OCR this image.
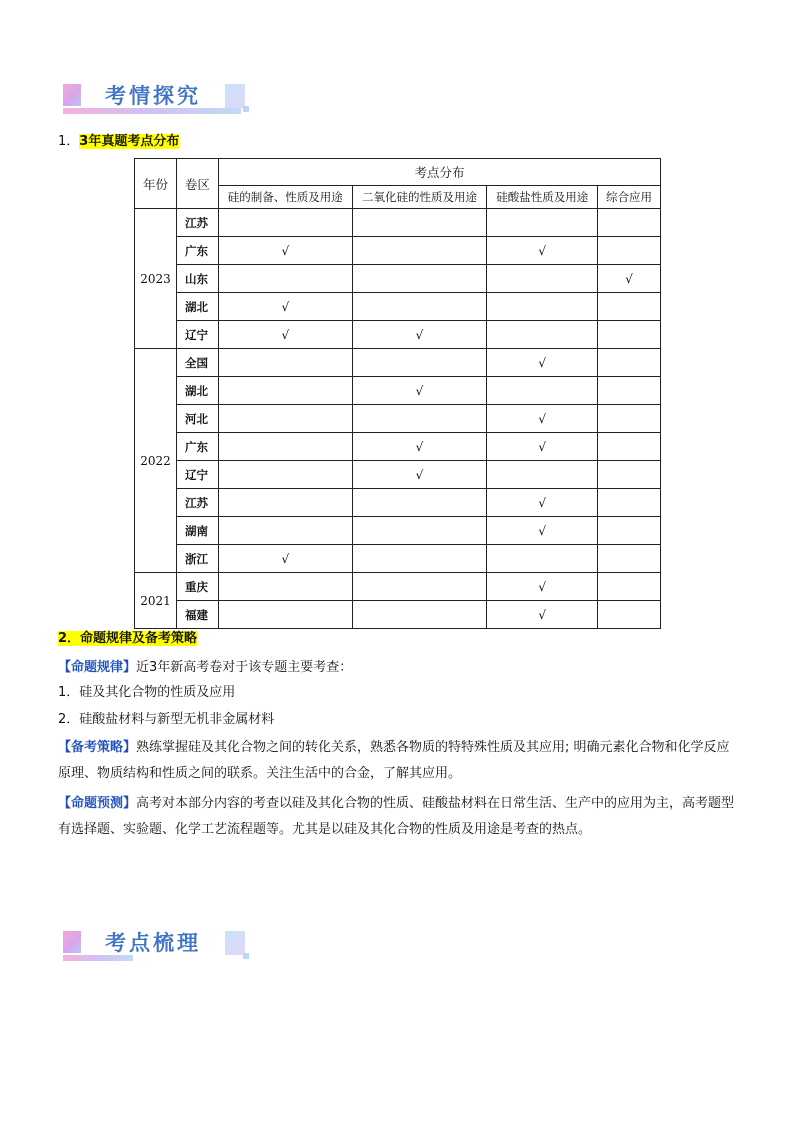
考情探究
1．3年真题考点分布
年份	卷区	考点分布			
		硅的制备、性质及用途	二氧化硅的性质及用途	硅酸盐性质及用途	综合应用
2023	江苏				
	广东	√		√	
	山东				√
	湖北	√			
	辽宁	√	√		
2022	全国			√	
	湖北		√		
	河北			√	
	广东		√	√	
	辽宁		√		
	江苏			√	
	湖南			√	
	浙江	√			
2021	重庆			√	
	福建			√	
2．命题规律及备考策略
【命题规律】近3年新高考卷对于该专题主要考查：
1．硅及其化合物的性质及应用
2．硅酸盐材料与新型无机非金属材料
【备考策略】熟练掌握硅及其化合物之间的转化关系，熟悉各物质的特特殊性质及其应用; 明确元素化合物和化学反应原理、物质结构和性质之间的联系。关注生活中的合金，了解其应用。
【命题预测】高考对本部分内容的考查以硅及其化合物的性质、硅酸盐材料在日常生活、生产中的应用为主，高考题型有选择题、实验题、化学工艺流程题等。尤其是以硅及其化合物的性质及用途是考查的热点。
考点梳理
